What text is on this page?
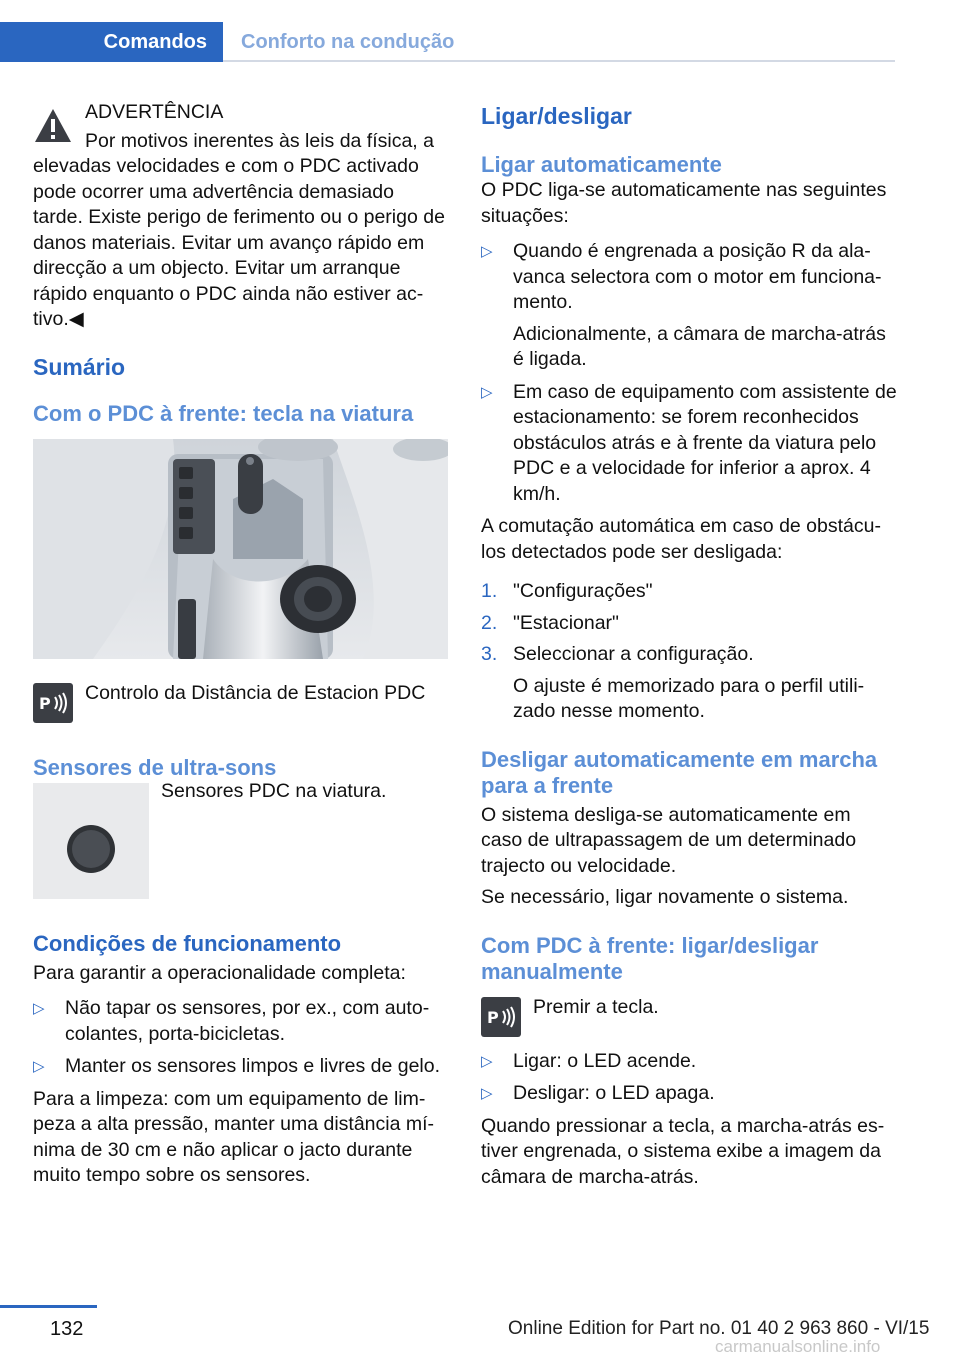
Comandos	Conforto na condução
ADVERTÊNCIA

Por motivos inerentes às leis da física, a elevadas velocidades e com o PDC activado pode ocorrer uma advertência demasiado tarde. Existe perigo de ferimento ou o perigo de danos materiais. Evitar um avanço rápido em direcção a um objecto. Evitar um arranque rápido enquanto o PDC ainda não estiver activo.◀

Sumário
Com o PDC à frente: tecla na viatura
P Controlo da Distância de Estacion PDC

Sensores de ultra-sons

Sensores PDC na viatura.

Condições de funcionamento

Para garantir a operacionalidade completa:

▷ Não tapar os sensores, por ex., com autocolantes, porta-bicicletas.
▷ Manter os sensores limpos e livres de gelo.

Para a limpeza: com um equipamento de limpeza a alta pressão, manter uma distância mínima de 30 cm e não aplicar o jacto durante muito tempo sobre os sensores.

Ligar/desligar
Ligar automaticamente

O PDC liga-se automaticamente nas seguintes situações:

▷ Quando é engrenada a posição R da alavanca selectora com o motor em funcionamento.
Adicionalmente, a câmara de marcha-atrás é ligada.
▷ Em caso de equipamento com assistente de estacionamento: se forem reconhecidos obstáculos atrás e à frente da viatura pelo PDC e a velocidade for inferior a aprox. 4 km/h.

A comutação automática em caso de obstáculos detectados pode ser desligada:

1. "Configurações"
2. "Estacionar"
3. Seleccionar a configuração.
O ajuste é memorizado para o perfil utilizado nesse momento.
Desligar automaticamente em marcha para a frente

O sistema desliga-se automaticamente em caso de ultrapassagem de um determinado trajecto ou velocidade.

Se necessário, ligar novamente o sistema.

Com PDC à frente: ligar/desligar manualmente
P Premir a tecla.

▷ Ligar: o LED acende.
▷ Desligar: o LED apaga.

Quando pressionar a tecla, a marcha-atrás estiver engrenada, o sistema exibe a imagem da câmara de marcha-atrás.

132	Online Edition for Part no. 01 40 2 963 860 - VI/15
carmanualsonline.info
